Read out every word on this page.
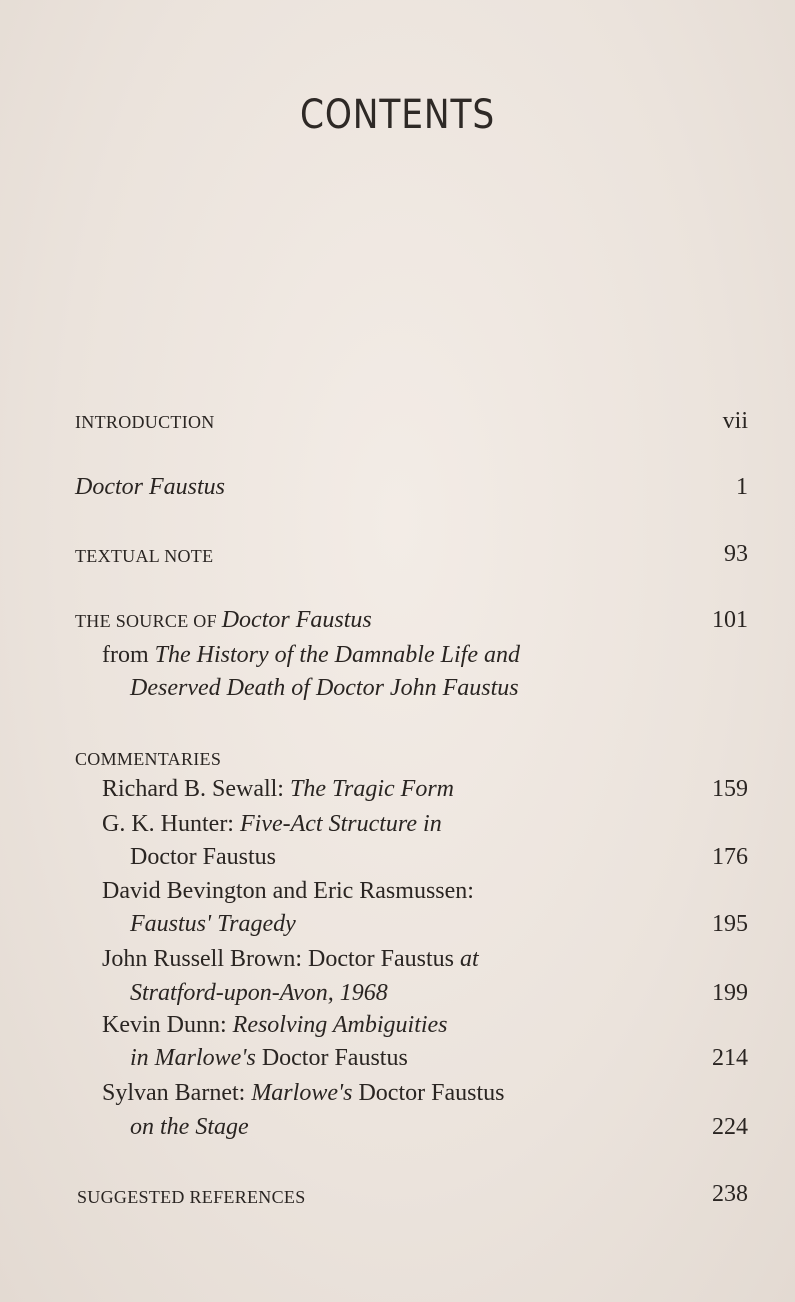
CONTENTS
INTRODUCTION	vii
Doctor Faustus	1
TEXTUAL NOTE	93
THE SOURCE OF Doctor Faustus	101
from The History of the Damnable Life and
Deserved Death of Doctor John Faustus
COMMENTARIES
Richard B. Sewall: The Tragic Form	159
G. K. Hunter: Five-Act Structure in
Doctor Faustus	176
David Bevington and Eric Rasmussen:
Faustus' Tragedy	195
John Russell Brown: Doctor Faustus at
Stratford-upon-Avon, 1968	199
Kevin Dunn: Resolving Ambiguities
in Marlowe's Doctor Faustus	214
Sylvan Barnet: Marlowe's Doctor Faustus
on the Stage	224
SUGGESTED REFERENCES	238
